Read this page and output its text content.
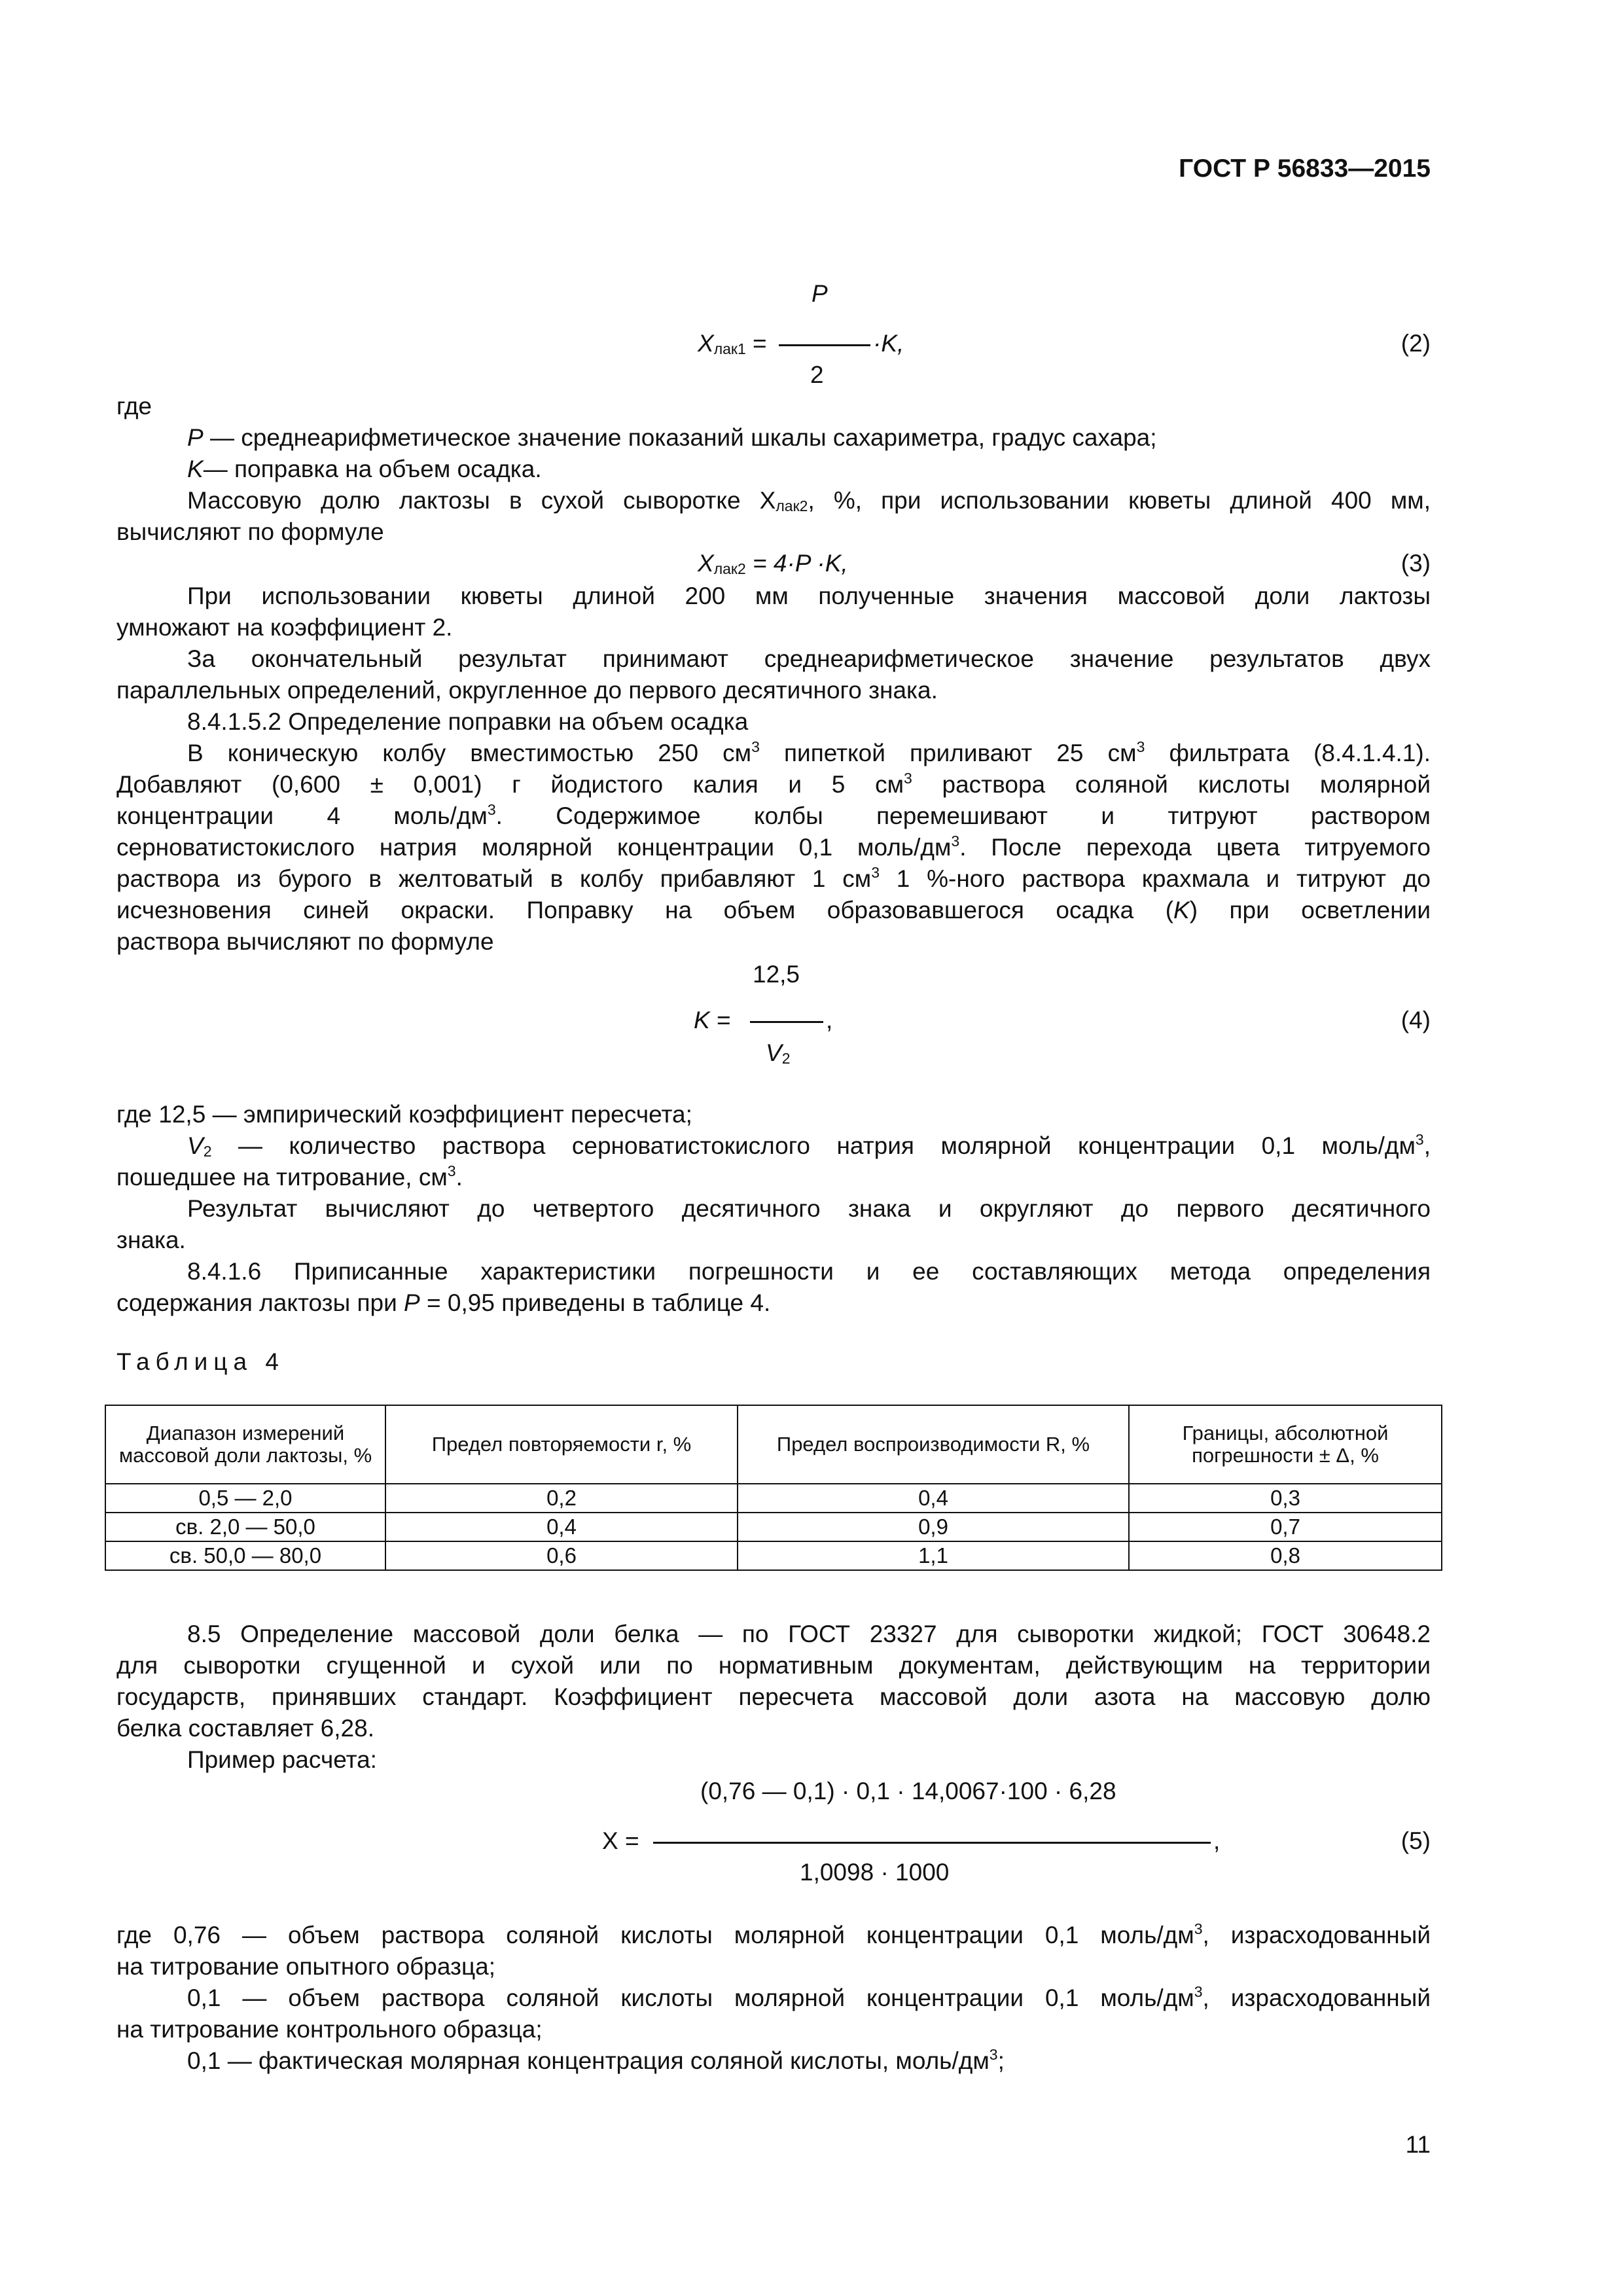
ГОСТ Р 56833—2015
P
$X_{лак1}$ =	·K,
2
(2)
где
P — среднеарифметическое значение показаний шкалы сахариметра, градус сахара;
K— поправка на объем осадка.
Массовую долю лактозы в сухой сыворотке $Х_{лак2}$, %, при использовании кюветы длиной 400 мм,
вычисляют по формуле
$X_{лак2} = 4\cdot P \cdot K$,	(3)
При использовании кюветы длиной 200 мм полученные значения массовой доли лактозы
умножают на коэффициент 2.
За окончательный результат принимают среднеарифметическое значение результатов двух
параллельных определений, округленное до первого десятичного знака.
8.4.1.5.2 Определение поправки на объем осадка
В коническую колбу вместимостью 250 $см^3$ пипеткой приливают 25 $см^3$ фильтрата (8.4.1.4.1).
Добавляют (0,600 ± 0,001) г йодистого калия и 5 $см^3$ раствора соляной кислоты молярной
концентрации 4 моль/$дм^3$. Содержимое колбы перемешивают и титруют раствором
серноватистокислого натрия молярной концентрации 0,1 моль/$дм^3$. После перехода цвета титруемого
раствора из бурого в желтоватый в колбу прибавляют 1 $см^3$ 1 %-ного раствора крахмала и титруют до
исчезновения синей окраски. Поправку на объем образовавшегося осадка (K) при осветлении
раствора вычисляют по формуле
12,5
K =	,
$V_2$
(4)
где 12,5 — эмпирический коэффициент пересчета;
$V_2$ — количество раствора серноватистокислого натрия молярной концентрации 0,1 моль/$дм^3$,
пошедшее на титрование, $см^3$.
Результат вычисляют до четвертого десятичного знака и округляют до первого десятичного
знака.
8.4.1.6 Приписанные характеристики погрешности и ее составляющих метода определения
содержания лактозы при P = 0,95 приведены в таблице 4.
Таблица 4
Диапазон измерений массовой доли лактозы, %	Предел повторяемости r, %	Предел воспроизводимости R, %	Границы, абсолютной погрешности ± Δ, %
0,5 — 2,0	0,2	0,4	0,3
св. 2,0 — 50,0	0,4	0,9	0,7
св. 50,0 — 80,0	0,6	1,1	0,8
8.5 Определение массовой доли белка — по ГОСТ 23327 для сыворотки жидкой; ГОСТ 30648.2
для сыворотки сгущенной и сухой или по нормативным документам, действующим на территории
государств, принявших стандарт. Коэффициент пересчета массовой доли азота на массовую долю
белка составляет 6,28.
Пример расчета:
(0,76 — 0,1) · 0,1 · 14,0067·100 · 6,28
X =	,
1,0098 · 1000
(5)
где 0,76 — объем раствора соляной кислоты молярной концентрации 0,1 моль/$дм^3$, израсходованный
на титрование опытного образца;
0,1 — объем раствора соляной кислоты молярной концентрации 0,1 моль/$дм^3$, израсходованный
на титрование контрольного образца;
0,1 — фактическая молярная концентрация соляной кислоты, моль/$дм^3$;
11
